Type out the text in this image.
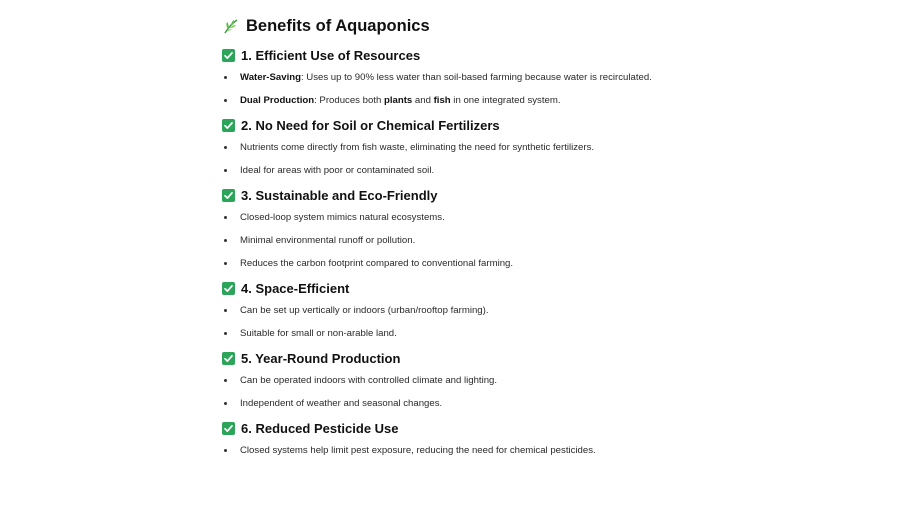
Benefits of Aquaponics
1. Efficient Use of Resources
Water-Saving: Uses up to 90% less water than soil-based farming because water is recirculated.
Dual Production: Produces both plants and fish in one integrated system.
2. No Need for Soil or Chemical Fertilizers
Nutrients come directly from fish waste, eliminating the need for synthetic fertilizers.
Ideal for areas with poor or contaminated soil.
3. Sustainable and Eco-Friendly
Closed-loop system mimics natural ecosystems.
Minimal environmental runoff or pollution.
Reduces the carbon footprint compared to conventional farming.
4. Space-Efficient
Can be set up vertically or indoors (urban/rooftop farming).
Suitable for small or non-arable land.
5. Year-Round Production
Can be operated indoors with controlled climate and lighting.
Independent of weather and seasonal changes.
6. Reduced Pesticide Use
Closed systems help limit pest exposure, reducing the need for chemical pesticides.
